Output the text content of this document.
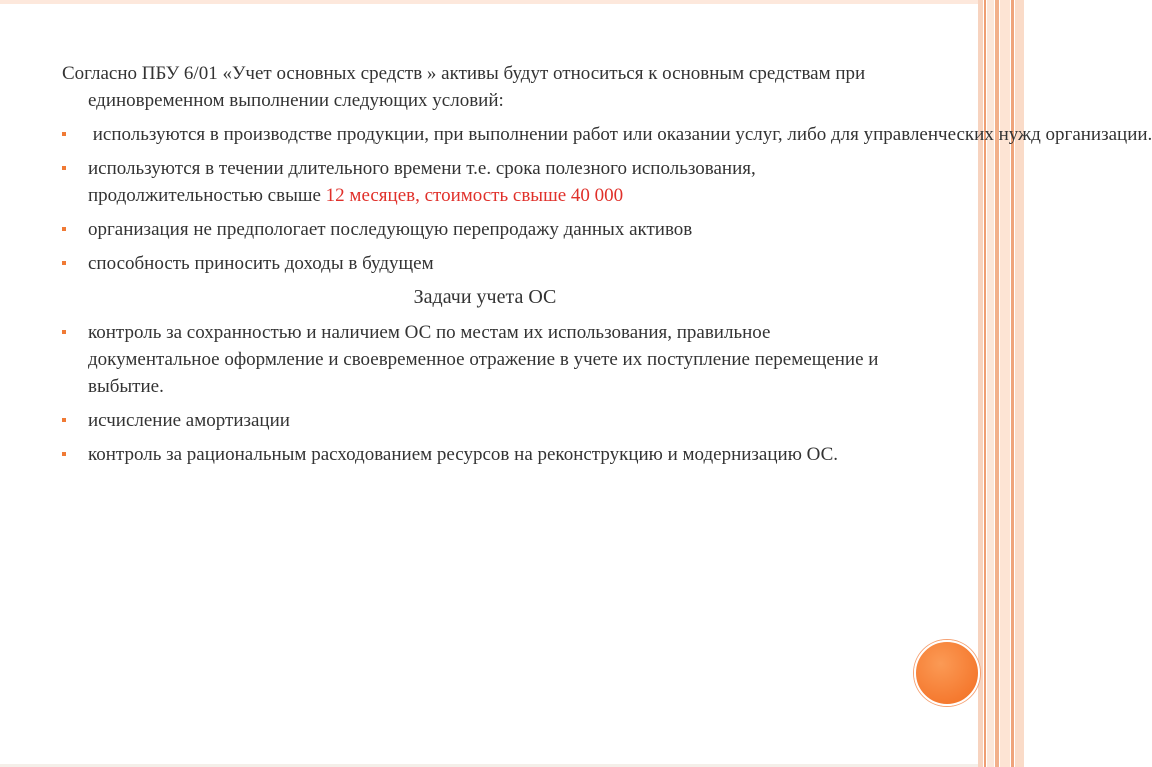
Согласно ПБУ 6/01 «Учет основных средств » активы будут относиться к основным средствам при единовременном выполнении следующих условий:

используются в производстве продукции, при выполнении работ или оказании услуг, либо для управленческих нужд организации.
используются в течении длительного времени т.е. срока полезного использования, продолжительностью свыше 12 месяцев, стоимость свыше 40 000
организация не предпологает последующую перепродажу данных активов
способность приносить доходы в будущем
Задачи учета ОС
контроль за сохранностью и наличием ОС по местам их использования, правильное документальное оформление и своевременное отражение в учете их поступление перемещение и выбытие.
исчисление амортизации
контроль за рациональным расходованием ресурсов на реконструкцию и модернизацию ОС.
